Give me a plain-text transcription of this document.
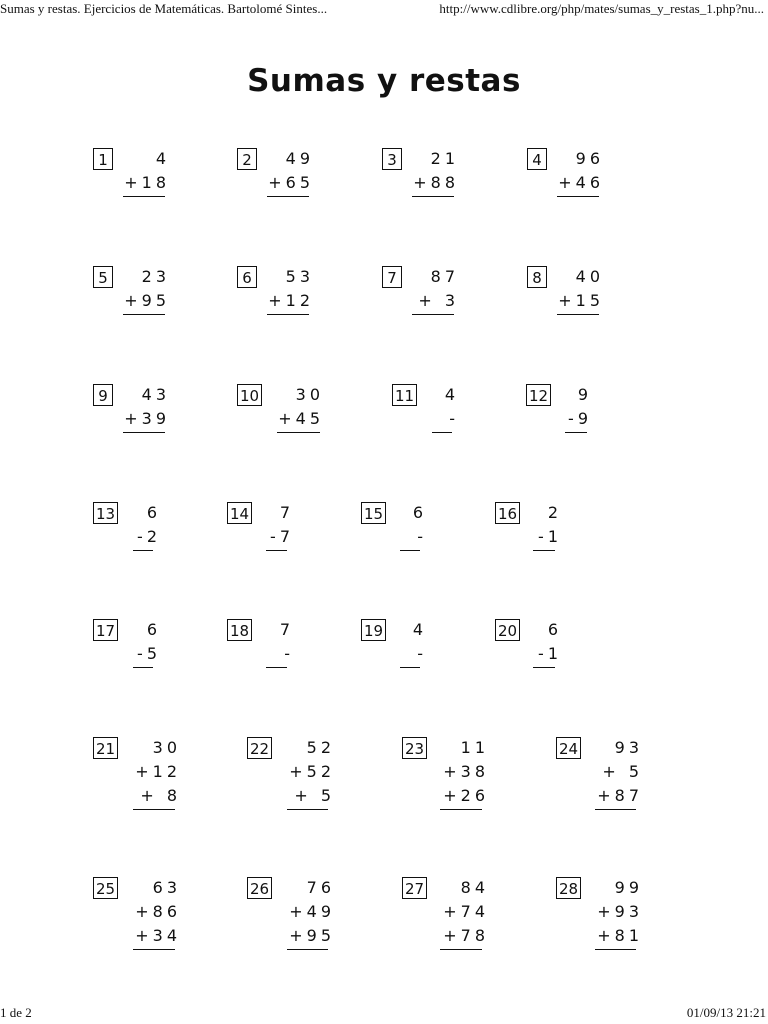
Sumas y restas. Ejercicios de Matemáticas. Bartolomé Sintes...	http://www.cdlibre.org/php/mates/sumas_y_restas_1.php?nu...
Sumas y restas
1	4
+18
2	49
+65
3	21
+88
4	96
+46
5	23
+95
6	53
+12
7	87
+ 3
8	40
+15
9	43
+39
10	30
+45
11	4
-
12	9
-9
13	6
-2
14	7
-7
15	6
-
16	2
-1
17	6
-5
18	7
-
19	4
-
20	6
-1
21	30
+12
+ 8
22	52
+52
+ 5
23	11
+38
+26
24	93
+ 5
+87
25	63
+86
+34
26	76
+49
+95
27	84
+74
+78
28	99
+93
+81
1 de 2	01/09/13 21:21
